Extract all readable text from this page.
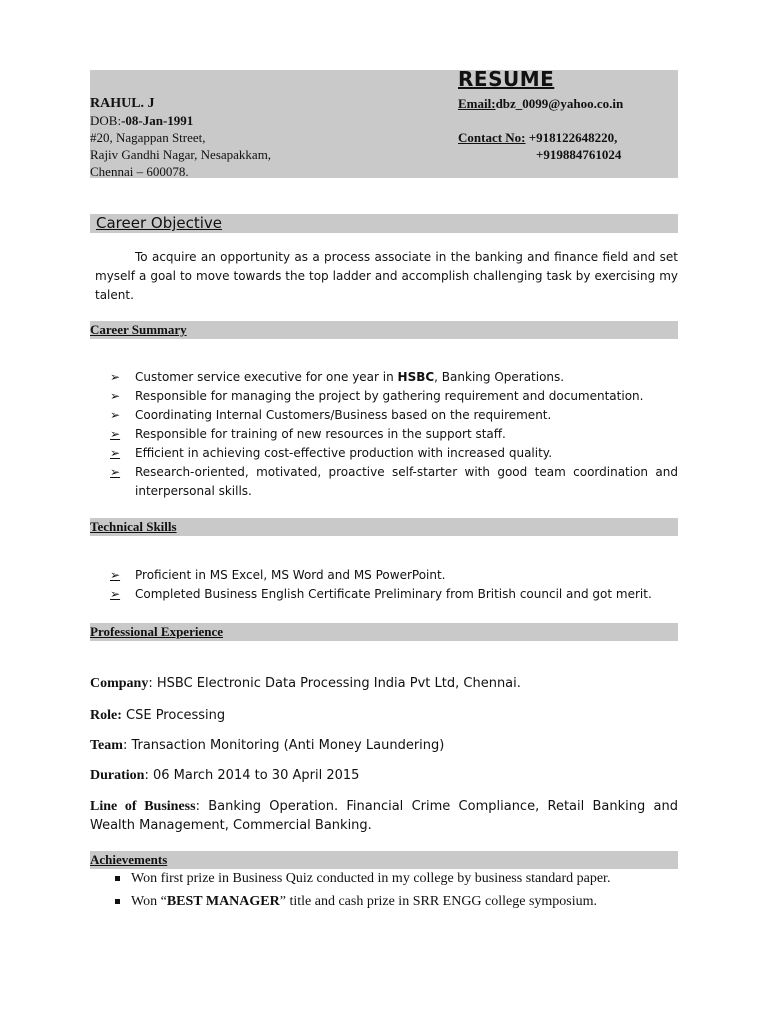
RESUME
RAHUL. J
DOB:-08-Jan-1991
#20, Nagappan Street,
Rajiv Gandhi Nagar, Nesapakkam,
Chennai – 600078.
Email:dbz_0099@yahoo.co.in
Contact No: +918122648220,
+919884761024
Career Objective
To acquire an opportunity as a process associate in the banking and finance field and set myself a goal to move towards the top ladder and accomplish challenging task by exercising my talent.
Career Summary
➢ Customer service executive for one year in HSBC, Banking Operations.
➢ Responsible for managing the project by gathering requirement and documentation.
➢ Coordinating Internal Customers/Business based on the requirement.
➢ Responsible for training of new resources in the support staff.
➢ Efficient in achieving cost-effective production with increased quality.
➢ Research-oriented, motivated, proactive self-starter with good team coordination and interpersonal skills.
Technical Skills
➢ Proficient in MS Excel, MS Word and MS PowerPoint.
➢ Completed Business English Certificate Preliminary from British council and got merit.
Professional Experience
Company: HSBC Electronic Data Processing India Pvt Ltd, Chennai.
Role: CSE Processing
Team: Transaction Monitoring (Anti Money Laundering)
Duration: 06 March 2014 to 30 April 2015
Line of Business: Banking Operation. Financial Crime Compliance, Retail Banking and Wealth Management, Commercial Banking.
Achievements
Won first prize in Business Quiz conducted in my college by business standard paper.
Won “BEST MANAGER” title and cash prize in SRR ENGG college symposium.
